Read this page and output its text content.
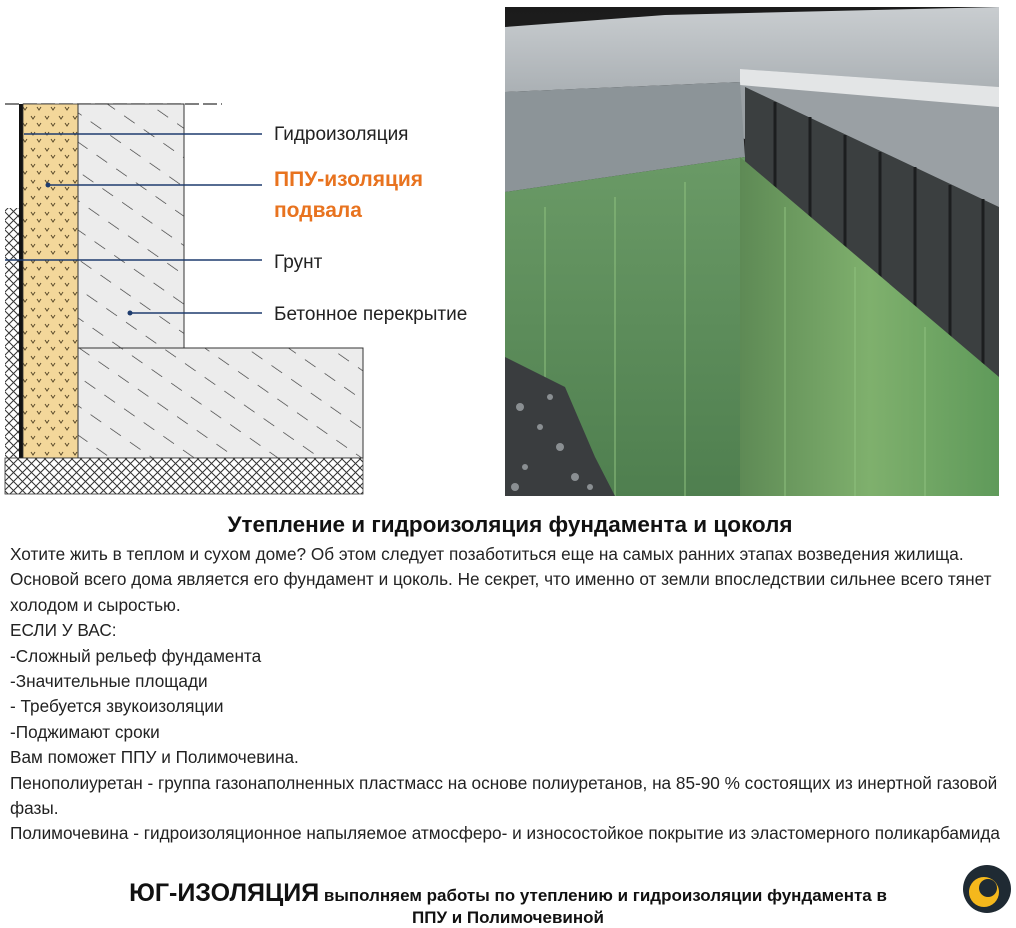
Гидроизоляция
ППУ-изоляция
подвала
Грунт
Бетонное перекрытие
Утепление и гидроизоляция фундамента и цоколя

Хотите жить в теплом и сухом доме? Об этом следует позаботиться еще на самых ранних этапах возведения жилища. Основой всего дома является его фундамент и цоколь. Не секрет, что именно от земли впоследствии сильнее всего тянет холодом и сыростью.

ЕСЛИ У ВАС:

-Сложный рельеф фундамента

-Значительные площади

- Требуется звукоизоляции

-Поджимают сроки

Вам поможет ППУ и Полимочевина.

Пенополиуретан - группа газонаполненных пластмасс на основе полиуретанов, на 85-90 % состоящих из инертной газовой фазы.

Полимочевина - гидроизоляционное напыляемое атмосферо- и износостойкое покрытие из эластомерного поликарбамида

ЮГ-ИЗОЛЯЦИЯ выполняем работы по утеплению и гидроизоляции фундамента в
ППУ и Полимочевиной
